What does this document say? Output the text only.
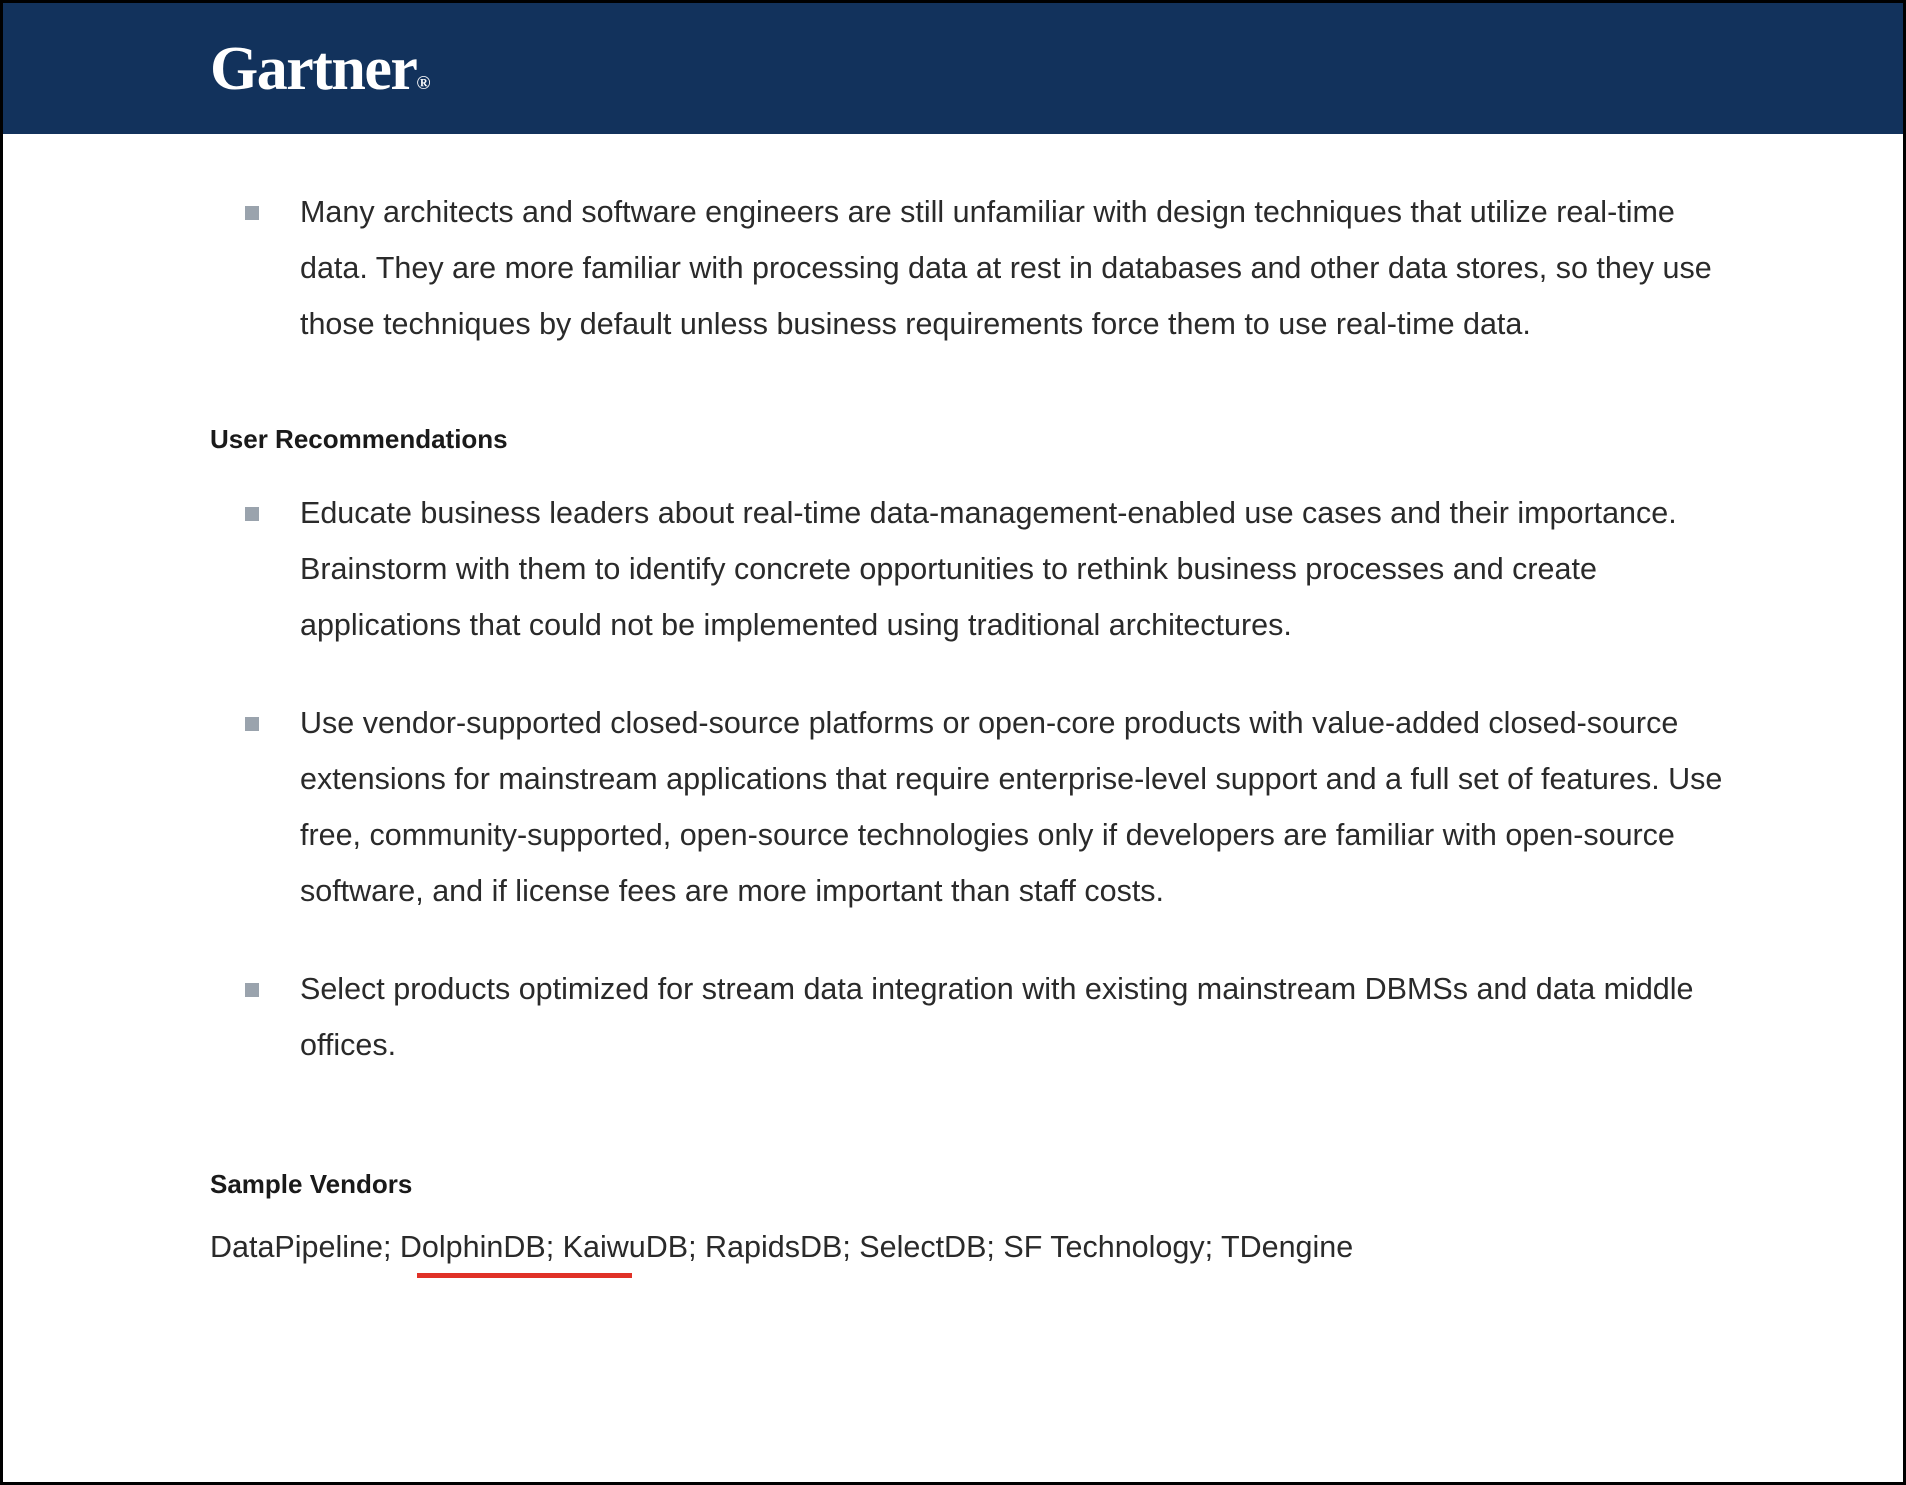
Gartner®
Many architects and software engineers are still unfamiliar with design techniques that utilize real-time data. They are more familiar with processing data at rest in databases and other data stores, so they use those techniques by default unless business requirements force them to use real-time data.
User Recommendations
Educate business leaders about real-time data-management-enabled use cases and their importance. Brainstorm with them to identify concrete opportunities to rethink business processes and create applications that could not be implemented using traditional architectures.
Use vendor-supported closed-source platforms or open-core products with value-added closed-source extensions for mainstream applications that require enterprise-level support and a full set of features. Use free, community-supported, open-source technologies only if developers are familiar with open-source software, and if license fees are more important than staff costs.
Select products optimized for stream data integration with existing mainstream DBMSs and data middle offices.
Sample Vendors
DataPipeline; DolphinDB; KaiwuDB; RapidsDB; SelectDB; SF Technology; TDengine
